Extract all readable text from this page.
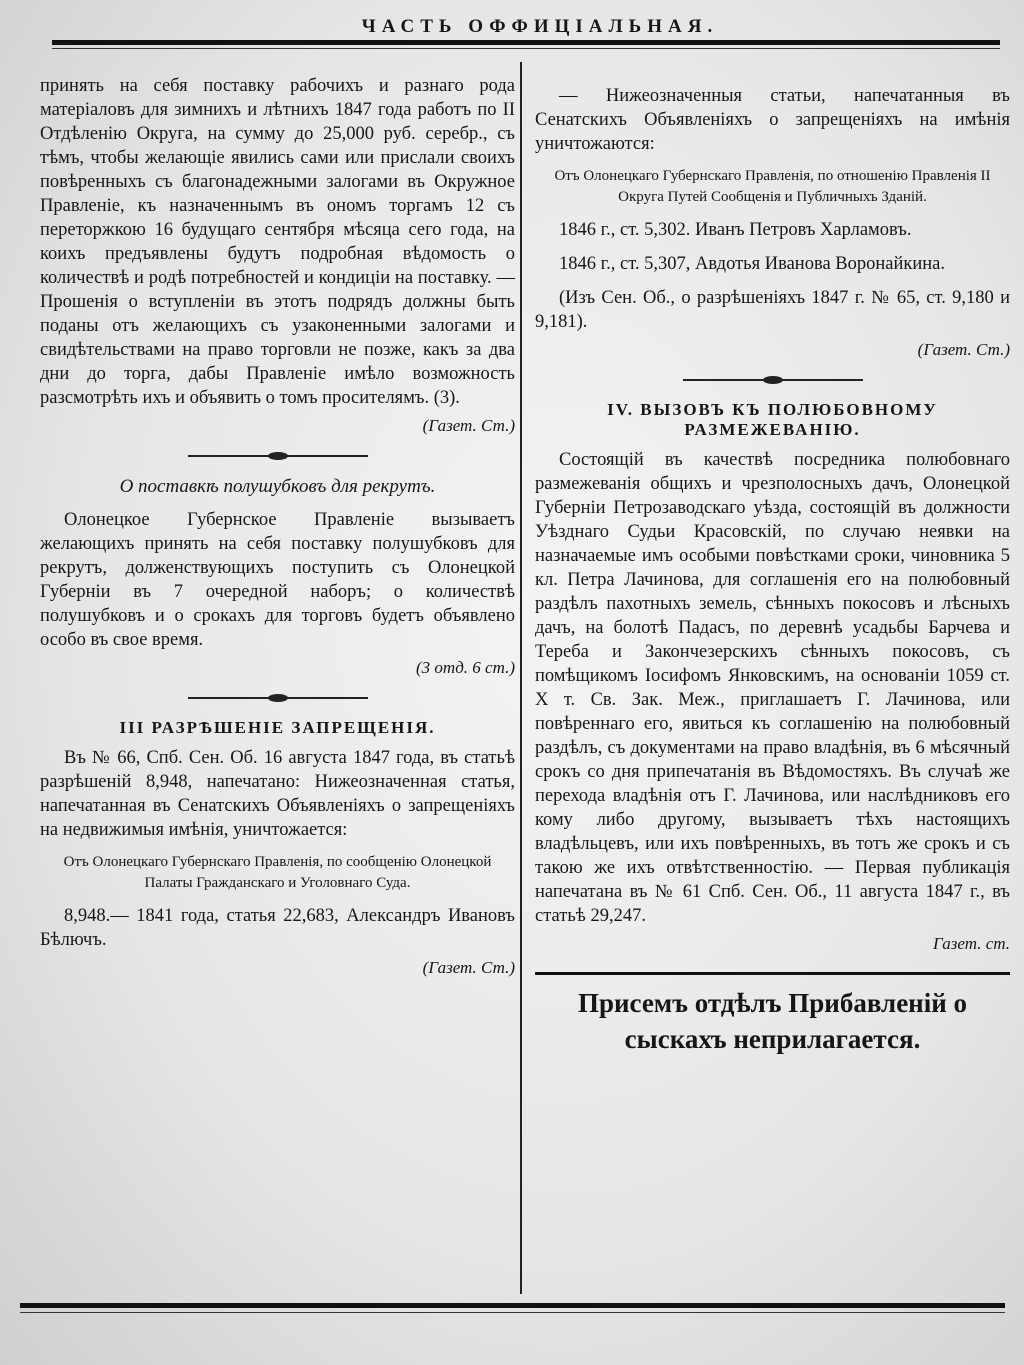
ЧАСТЬ ОФФИЦІАЛЬНАЯ.

принять на себя поставку рабочихъ и разнаго рода матеріаловъ для зимнихъ и лѣтнихъ 1847 года работъ по II Отдѣленію Округа, на сумму до 25,000 руб. серебр., съ тѣмъ, чтобы желающіе явились сами или прислали своихъ повѣренныхъ съ благонадежными залогами въ Окружное Правленіе, къ назначеннымъ въ ономъ торгамъ 12 съ переторжкою 16 будущаго сентября мѣсяца сего года, на коихъ предъявлены будутъ подробная вѣдомость о количествѣ и родѣ потребностей и кондиціи на поставку. — Прошенія о вступленіи въ этотъ подрядъ должны быть поданы отъ желающихъ съ узаконенными залогами и свидѣтельствами на право торговли не позже, какъ за два дни до торга, дабы Правленіе имѣло возможность разсмотрѣть ихъ и объявить о томъ просителямъ. (3).

(Газет. Ст.)
О поставкѣ полушубковъ для рекрутъ.

Олонецкое Губернское Правленіе вызываетъ желающихъ принять на себя поставку полушубковъ для рекрутъ, долженствующихъ поступить съ Олонецкой Губерніи въ 7 очередной наборъ; о количествѣ полушубковъ и о срокахъ для торговъ будетъ объявлено особо въ свое время.

(3 отд. 6 ст.)
III РАЗРѢШЕНІЕ ЗАПРЕЩЕНІЯ.

Въ № 66, Спб. Сен. Об. 16 августа 1847 года, въ статьѣ разрѣшеній 8,948, напечатано: Нижеозначенная статья, напечатанная въ Сенатскихъ Объявленіяхъ о запрещеніяхъ на недвижимыя имѣнія, уничтожается:

Отъ Олонецкаго Губернскаго Правленія, по сообщенію Олонецкой Палаты Гражданскаго и Уголовнаго Суда.

8,948.— 1841 года, статья 22,683, Александръ Ивановъ Бѣлючъ.

(Газет. Ст.)

— Нижеозначенныя статьи, напечатанныя въ Сенатскихъ Объявленіяхъ о запрещеніяхъ на имѣнія уничтожаются:

Отъ Олонецкаго Губернскаго Правленія, по отношенію Правленія II Округа Путей Сообщенія и Публичныхъ Зданій.

1846 г., ст. 5,302. Иванъ Петровъ Харламовъ.

1846 г., ст. 5,307, Авдотья Иванова Воронайкина.

(Изъ Сен. Об., о разрѣшеніяхъ 1847 г. № 65, ст. 9,180 и 9,181).

(Газет. Ст.)
IV. ВЫЗОВЪ КЪ ПОЛЮБОВНОМУ РАЗМЕЖЕВАНІЮ.

Состоящій въ качествѣ посредника полюбовнаго размежеванія общихъ и чрезполосныхъ дачъ, Олонецкой Губерніи Петрозаводскаго уѣзда, состоящій въ должности Уѣзднаго Судьи Красовскій, по случаю неявки на назначаемые имъ особыми повѣстками сроки, чиновника 5 кл. Петра Лачинова, для соглашенія его на полюбовный раздѣлъ пахотныхъ земель, сѣнныхъ покосовъ и лѣсныхъ дачъ, на болотѣ Падасъ, по деревнѣ усадьбы Барчева и Тереба и Закончезерскихъ сѣнныхъ покосовъ, съ помѣщикомъ Іосифомъ Янковскимъ, на основаніи 1059 ст. X т. Св. Зак. Меж., приглашаетъ Г. Лачинова, или повѣреннаго его, явиться къ соглашенію на полюбовный раздѣлъ, съ документами на право владѣнія, въ 6 мѣсячный срокъ со дня припечатанія въ Вѣдомостяхъ. Въ случаѣ же перехода владѣнія отъ Г. Лачинова, или наслѣдниковъ его кому либо другому, вызываетъ тѣхъ настоящихъ владѣльцевъ, или ихъ повѣренныхъ, въ тотъ же срокъ и съ такою же ихъ отвѣтственностію. — Первая публикація напечатана въ № 61 Спб. Сен. Об., 11 августа 1847 г., въ статьѣ 29,247.

Газет. ст.
Присемъ отдѣлъ Прибавленій о сыскахъ неприлагается.
